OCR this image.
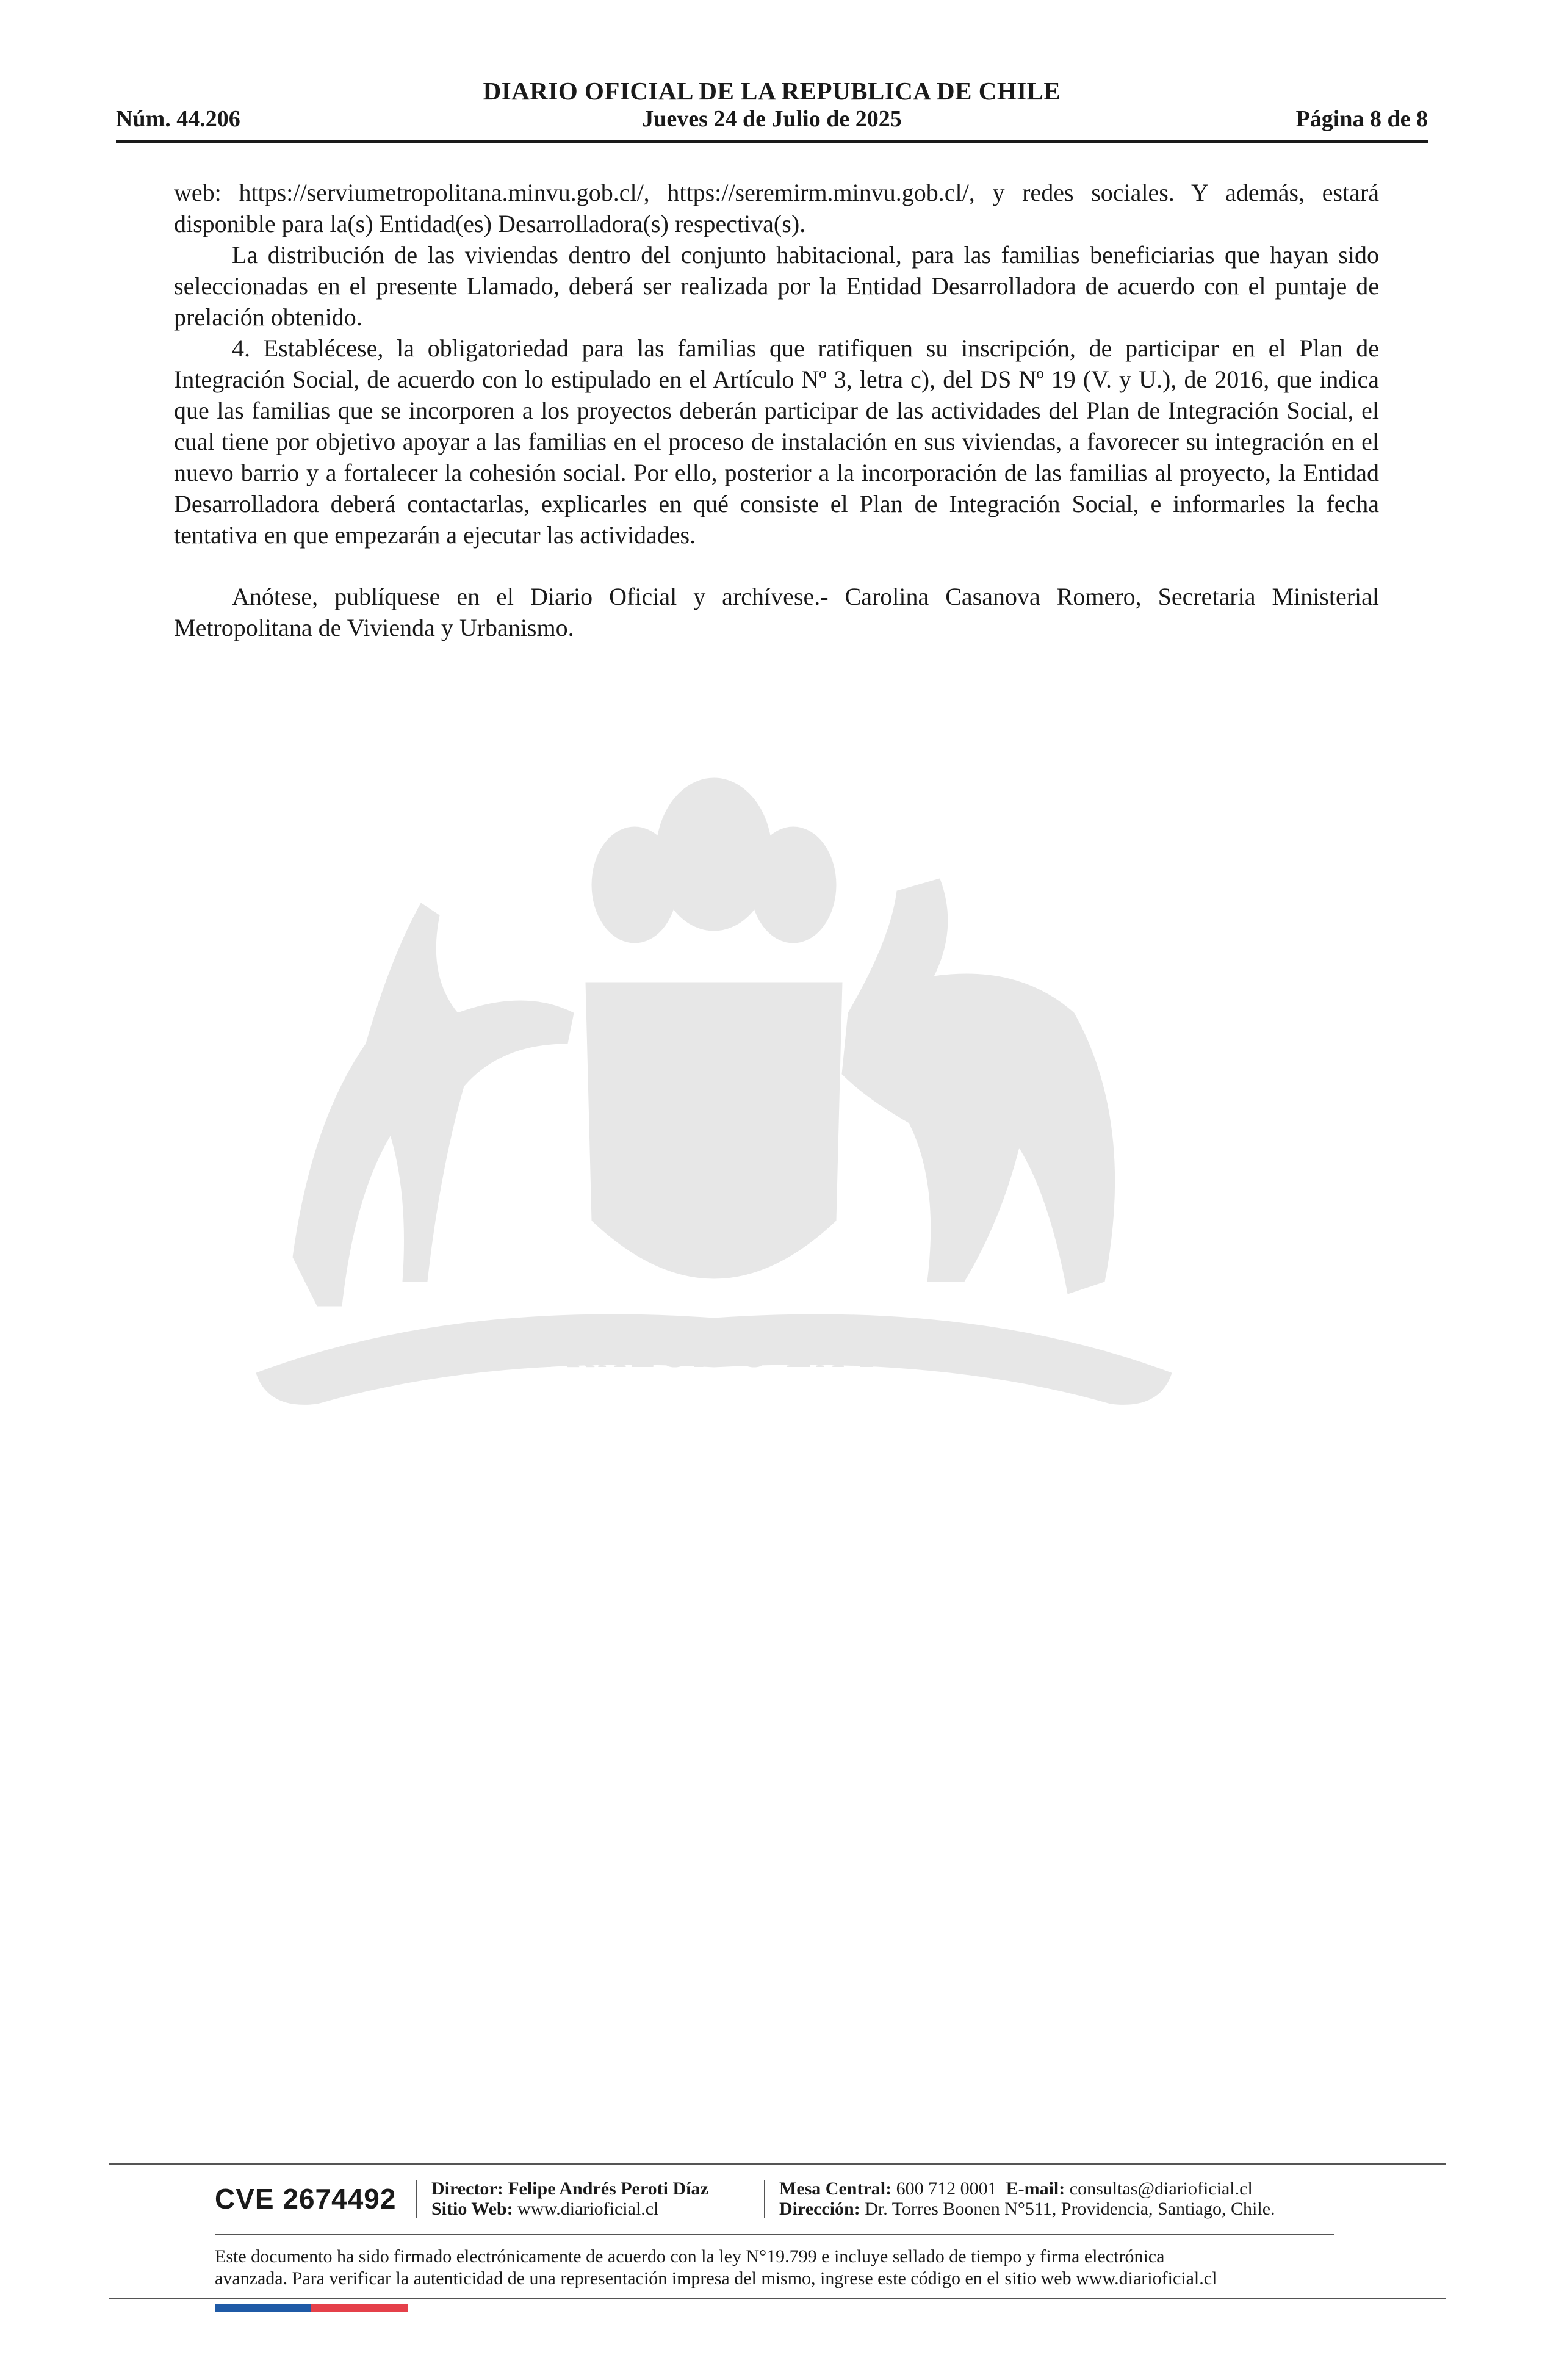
DIARIO OFICIAL DE LA REPUBLICA DE CHILE
Núm. 44.206	Jueves 24 de Julio de 2025	Página 8 de 8

web: https://serviumetropolitana.minvu.gob.cl/, https://seremirm.minvu.gob.cl/, y redes sociales. Y además, estará disponible para la(s) Entidad(es) Desarrolladora(s) respectiva(s).

La distribución de las viviendas dentro del conjunto habitacional, para las familias beneficiarias que hayan sido seleccionadas en el presente Llamado, deberá ser realizada por la Entidad Desarrolladora de acuerdo con el puntaje de prelación obtenido.

4. Establécese, la obligatoriedad para las familias que ratifiquen su inscripción, de participar en el Plan de Integración Social, de acuerdo con lo estipulado en el Artículo Nº 3, letra c), del DS Nº 19 (V. y U.), de 2016, que indica que las familias que se incorporen a los proyectos deberán participar de las actividades del Plan de Integración Social, el cual tiene por objetivo apoyar a las familias en el proceso de instalación en sus viviendas, a favorecer su integración en el nuevo barrio y a fortalecer la cohesión social. Por ello, posterior a la incorporación de las familias al proyecto, la Entidad Desarrolladora deberá contactarlas, explicarles en qué consiste el Plan de Integración Social, e informarles la fecha tentativa en que empezarán a ejecutar las actividades.

Anótese, publíquese en el Diario Oficial y archívese.- Carolina Casanova Romero, Secretaria Ministerial Metropolitana de Vivienda y Urbanismo.

POR LA RAZON O LA FUERZA
CVE 2674492 Director: Felipe Andrés Peroti Díaz
Sitio Web: www.diarioficial.cl
Mesa Central: 600 712 0001 E-mail: consultas@diarioficial.cl
Dirección: Dr. Torres Boonen N°511, Providencia, Santiago, Chile.

Este documento ha sido firmado electrónicamente de acuerdo con la ley N°19.799 e incluye sellado de tiempo y firma electrónica

avanzada. Para verificar la autenticidad de una representación impresa del mismo, ingrese este código en el sitio web www.diarioficial.cl
